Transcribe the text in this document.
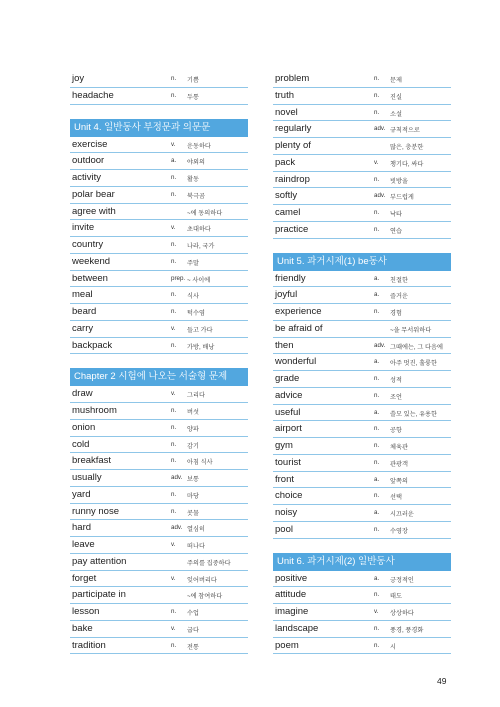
joy	n. 기쁨
headache	n. 두통
Unit 4. 일반동사 부정문과 의문문
exercise	v. 운동하다
outdoor	a. 야외의
activity	n. 활동
polar bear	n. 북극곰
agree with	~에 동의하다
invite	v. 초대하다
country	n. 나라, 국가
weekend	n. 주말
between	prep. ~ 사이에
meal	n. 식사
beard	n. 턱수염
carry	v. 들고 가다
backpack	n. 가방, 배낭
Chapter 2 시험에 나오는 서술형 문제
draw	v. 그리다
mushroom	n. 버섯
onion	n. 양파
cold	n. 감기
breakfast	n. 아침 식사
usually	adv. 보통
yard	n. 마당
runny nose	n. 콧물
hard	adv. 열심히
leave	v. 떠나다
pay attention	주의를 집중하다
forget	v. 잊어버리다
participate in	~에 참여하다
lesson	n. 수업
bake	v. 굽다
tradition	n. 전통
problem	n. 문제
truth	n. 진실
novel	n. 소설
regularly	adv. 규칙적으로
plenty of	많은, 충분한
pack	v. 챙기다, 싸다
raindrop	n. 빗방울
softly	adv. 부드럽게
camel	n. 낙타
practice	n. 연습
Unit 5. 과거시제(1) be동사
friendly	a. 친절한
joyful	a. 즐거운
experience	n. 경험
be afraid of	~을 무서워하다
then	adv. 그때에는, 그 다음에
wonderful	a. 아주 멋진, 훌륭한
grade	n. 성적
advice	n. 조언
useful	a. 쓸모 있는, 유용한
airport	n. 공항
gym	n. 체육관
tourist	n. 관광객
front	a. 앞쪽의
choice	n. 선택
noisy	a. 시끄러운
pool	n. 수영장
Unit 6. 과거시제(2) 일반동사
positive	a. 긍정적인
attitude	n. 태도
imagine	v. 상상하다
landscape	n. 풍경, 풍경화
poem	n. 시
49
